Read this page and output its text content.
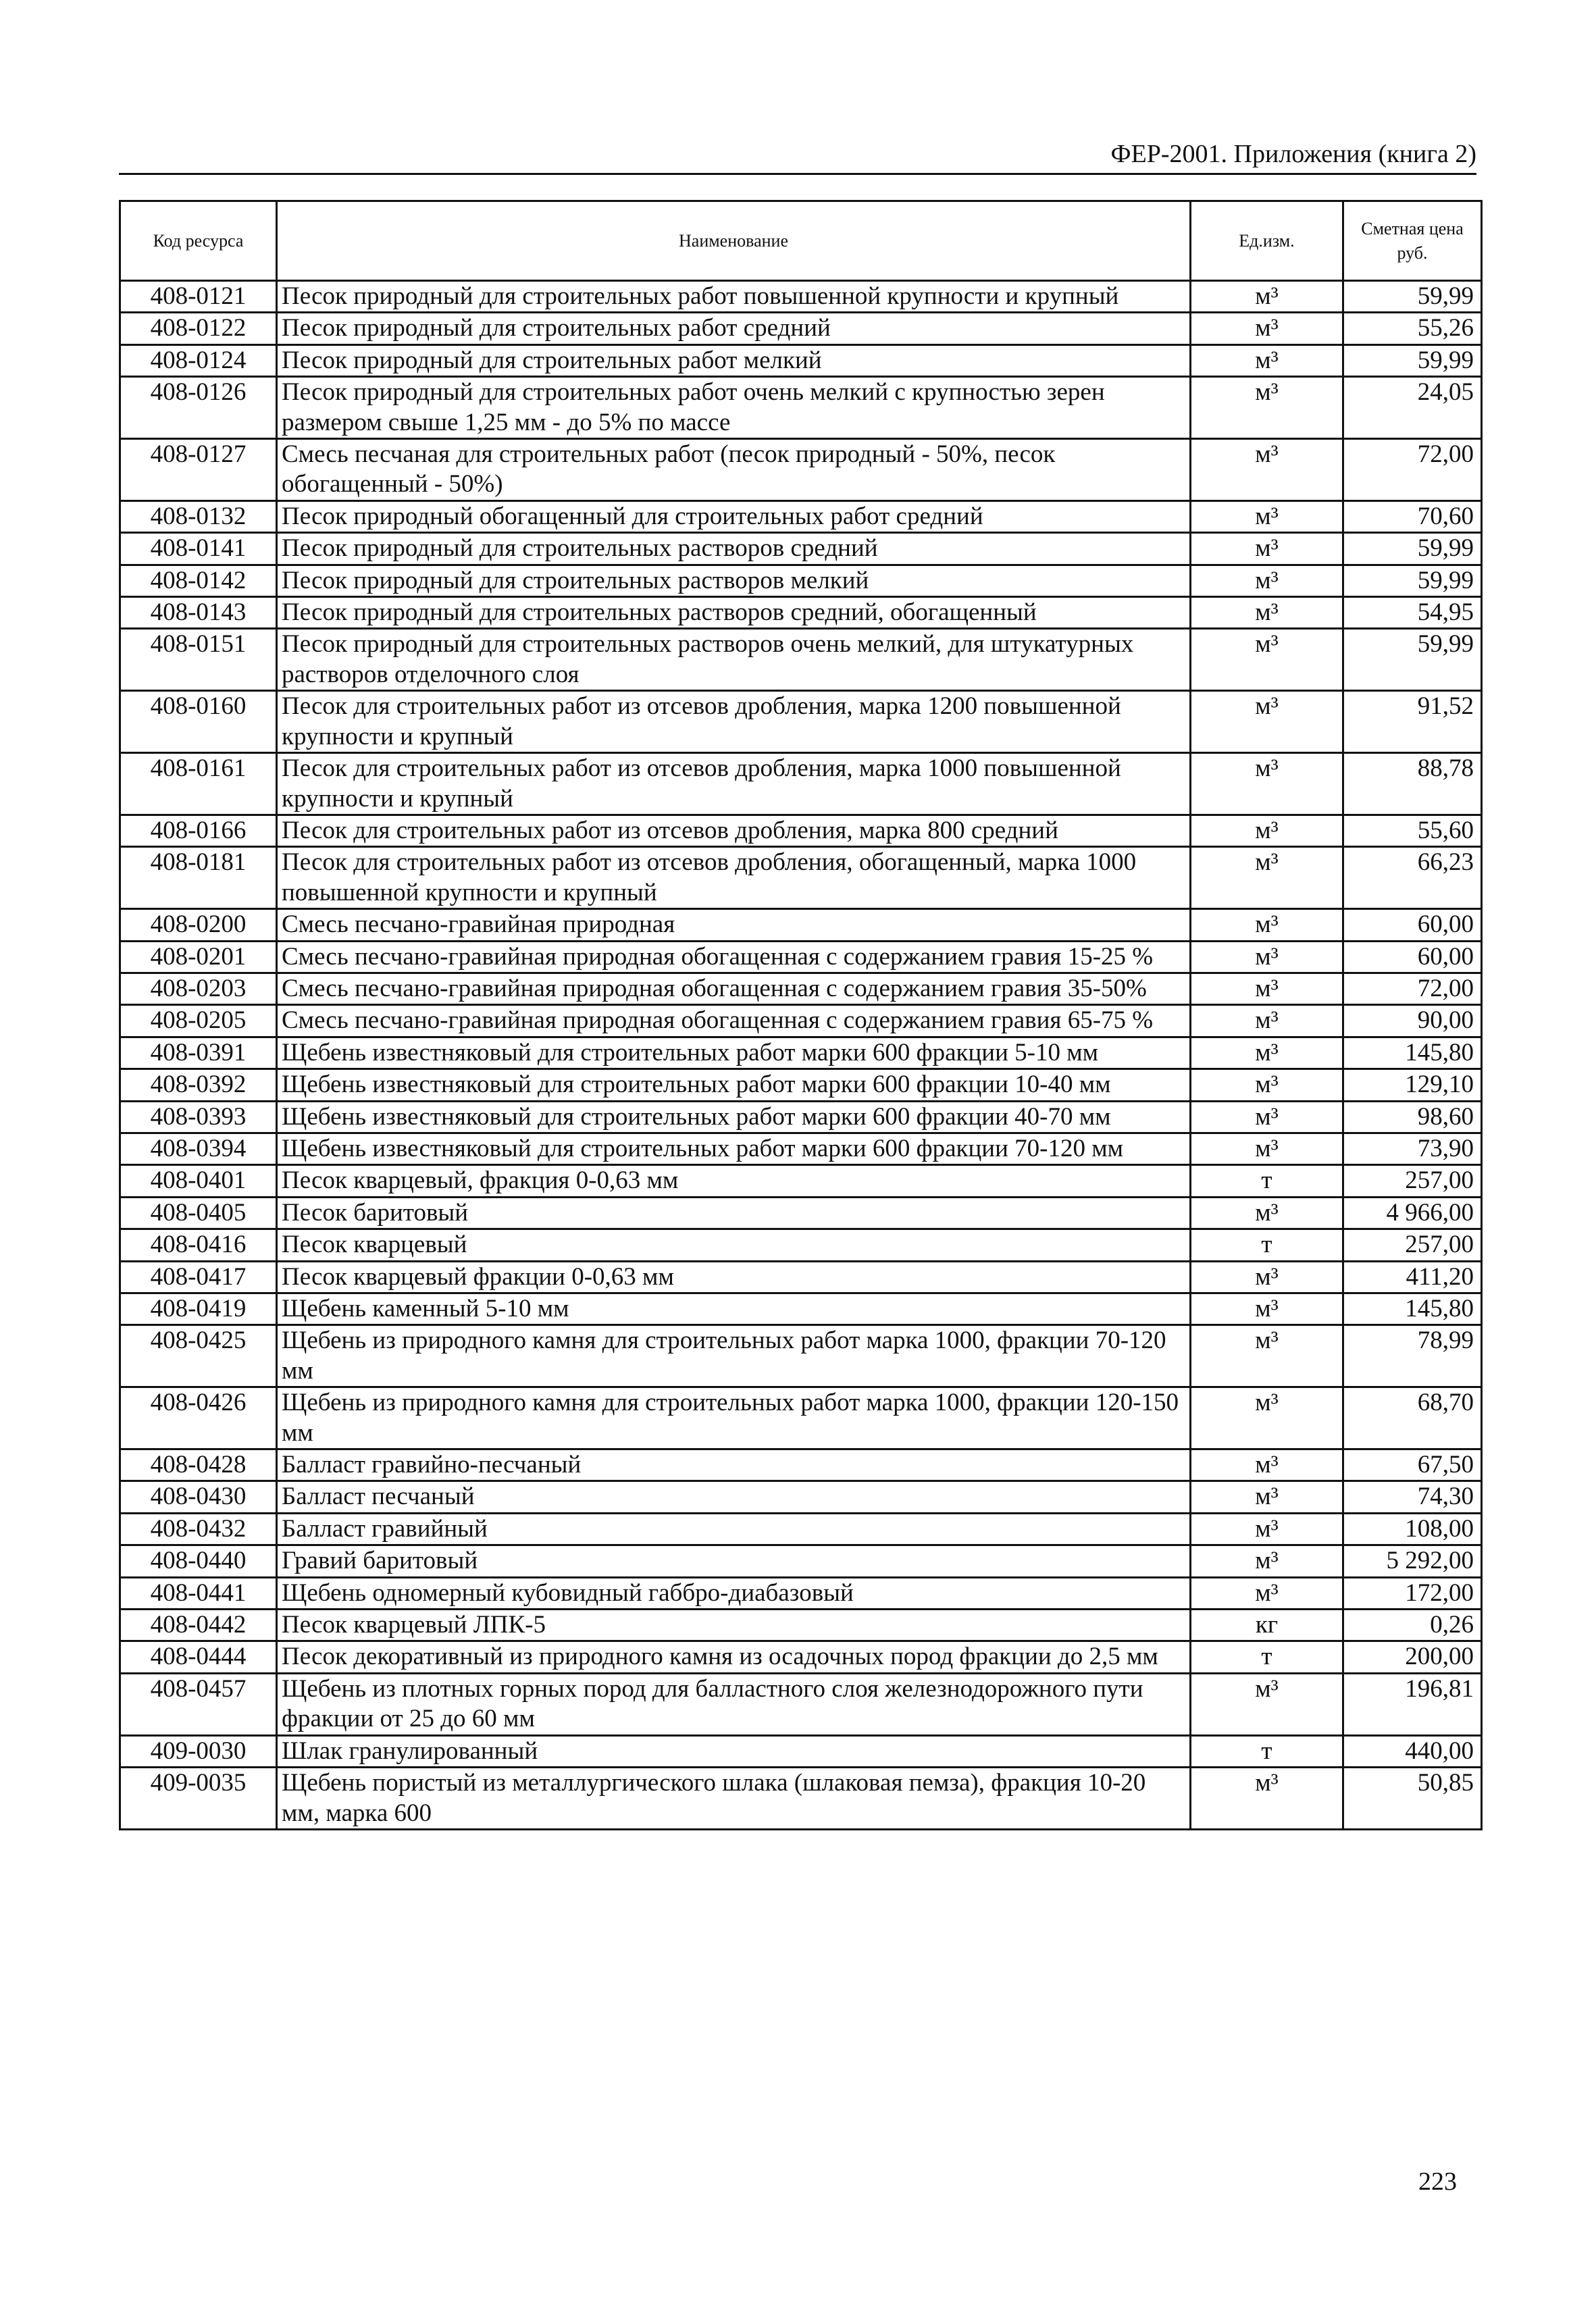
ФЕР-2001. Приложения (книга 2)
Код ресурса	Наименование	Ед.изм.	Сметная цена руб.
408-0121	Песок природный для строительных работ повышенной крупности и крупный	м³	59,99
408-0122	Песок природный для строительных работ средний	м³	55,26
408-0124	Песок природный для строительных работ мелкий	м³	59,99
408-0126	Песок природный для строительных работ очень мелкий с крупностью зерен размером свыше 1,25 мм - до 5% по массе	м³	24,05
408-0127	Смесь песчаная для строительных работ (песок природный - 50%, песок обогащенный - 50%)	м³	72,00
408-0132	Песок природный обогащенный для строительных работ средний	м³	70,60
408-0141	Песок природный для строительных растворов средний	м³	59,99
408-0142	Песок природный для строительных растворов мелкий	м³	59,99
408-0143	Песок природный для строительных растворов средний, обогащенный	м³	54,95
408-0151	Песок природный для строительных растворов очень мелкий, для штукатурных растворов отделочного слоя	м³	59,99
408-0160	Песок для строительных работ из отсевов дробления, марка 1200 повышенной крупности и крупный	м³	91,52
408-0161	Песок для строительных работ из отсевов дробления, марка 1000 повышенной крупности и крупный	м³	88,78
408-0166	Песок для строительных работ из отсевов дробления, марка 800 средний	м³	55,60
408-0181	Песок для строительных работ из отсевов дробления, обогащенный, марка 1000 повышенной крупности и крупный	м³	66,23
408-0200	Смесь песчано-гравийная природная	м³	60,00
408-0201	Смесь песчано-гравийная природная обогащенная с содержанием гравия 15-25 %	м³	60,00
408-0203	Смесь песчано-гравийная природная обогащенная с содержанием гравия 35-50%	м³	72,00
408-0205	Смесь песчано-гравийная природная обогащенная с содержанием гравия 65-75 %	м³	90,00
408-0391	Щебень известняковый для строительных работ марки 600 фракции 5-10 мм	м³	145,80
408-0392	Щебень известняковый для строительных работ марки 600 фракции 10-40 мм	м³	129,10
408-0393	Щебень известняковый для строительных работ марки 600 фракции 40-70 мм	м³	98,60
408-0394	Щебень известняковый для строительных работ марки 600 фракции 70-120 мм	м³	73,90
408-0401	Песок кварцевый, фракция 0-0,63 мм	т	257,00
408-0405	Песок баритовый	м³	4 966,00
408-0416	Песок кварцевый	т	257,00
408-0417	Песок кварцевый фракции 0-0,63 мм	м³	411,20
408-0419	Щебень каменный 5-10 мм	м³	145,80
408-0425	Щебень из природного камня для строительных работ марка 1000, фракции 70-120 мм	м³	78,99
408-0426	Щебень из природного камня для строительных работ марка 1000, фракции 120-150 мм	м³	68,70
408-0428	Балласт гравийно-песчаный	м³	67,50
408-0430	Балласт песчаный	м³	74,30
408-0432	Балласт гравийный	м³	108,00
408-0440	Гравий баритовый	м³	5 292,00
408-0441	Щебень одномерный кубовидный габбро-диабазовый	м³	172,00
408-0442	Песок кварцевый ЛПК-5	кг	0,26
408-0444	Песок декоративный из природного камня из осадочных пород фракции до 2,5 мм	т	200,00
408-0457	Щебень из плотных горных пород для балластного слоя железнодорожного пути фракции от 25 до 60 мм	м³	196,81
409-0030	Шлак гранулированный	т	440,00
409-0035	Щебень пористый из металлургического шлака (шлаковая пемза), фракция 10-20 мм, марка 600	м³	50,85
223
